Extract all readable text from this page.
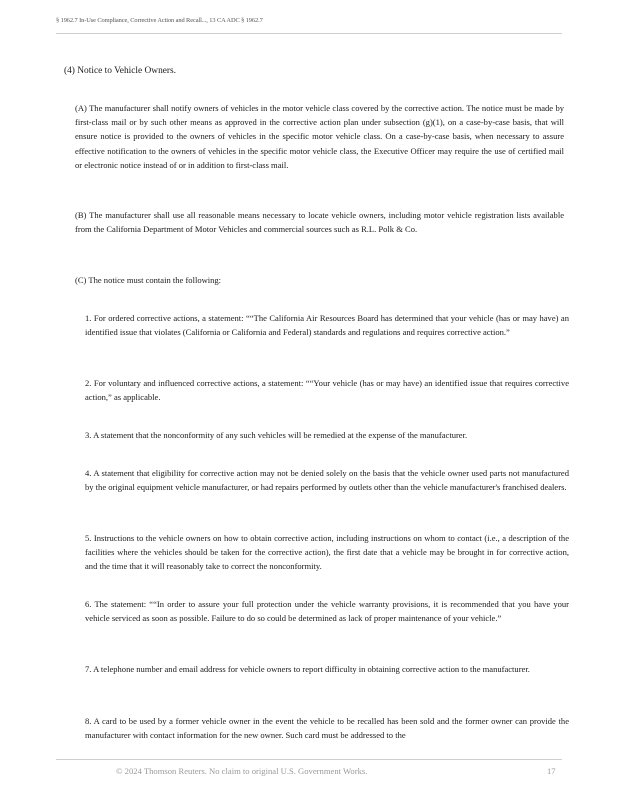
§ 1962.7 In-Use Compliance, Corrective Action and Recall..., 13 CA ADC § 1962.7
(4) Notice to Vehicle Owners.

(A) The manufacturer shall notify owners of vehicles in the motor vehicle class covered by the corrective action. The notice must be made by first-class mail or by such other means as approved in the corrective action plan under subsection (g)(1), on a case-by-case basis, that will ensure notice is provided to the owners of vehicles in the specific motor vehicle class. On a case-by-case basis, when necessary to assure effective notification to the owners of vehicles in the specific motor vehicle class, the Executive Officer may require the use of certified mail or electronic notice instead of or in addition to first-class mail.

(B) The manufacturer shall use all reasonable means necessary to locate vehicle owners, including motor vehicle registration lists available from the California Department of Motor Vehicles and commercial sources such as R.L. Polk & Co.

(C) The notice must contain the following:

1. For ordered corrective actions, a statement: ““The California Air Resources Board has determined that your vehicle (has or may have) an identified issue that violates (California or California and Federal) standards and regulations and requires corrective action.”

2. For voluntary and influenced corrective actions, a statement: ““Your vehicle (has or may have) an identified issue that requires corrective action,” as applicable.

3. A statement that the nonconformity of any such vehicles will be remedied at the expense of the manufacturer.

4. A statement that eligibility for corrective action may not be denied solely on the basis that the vehicle owner used parts not manufactured by the original equipment vehicle manufacturer, or had repairs performed by outlets other than the vehicle manufacturer's franchised dealers.

5. Instructions to the vehicle owners on how to obtain corrective action, including instructions on whom to contact (i.e., a description of the facilities where the vehicles should be taken for the corrective action), the first date that a vehicle may be brought in for corrective action, and the time that it will reasonably take to correct the nonconformity.

6. The statement: ““In order to assure your full protection under the vehicle warranty provisions, it is recommended that you have your vehicle serviced as soon as possible. Failure to do so could be determined as lack of proper maintenance of your vehicle.”

7. A telephone number and email address for vehicle owners to report difficulty in obtaining corrective action to the manufacturer.

8. A card to be used by a former vehicle owner in the event the vehicle to be recalled has been sold and the former owner can provide the manufacturer with contact information for the new owner. Such card must be addressed to the

© 2024 Thomson Reuters. No claim to original U.S. Government Works.	17
